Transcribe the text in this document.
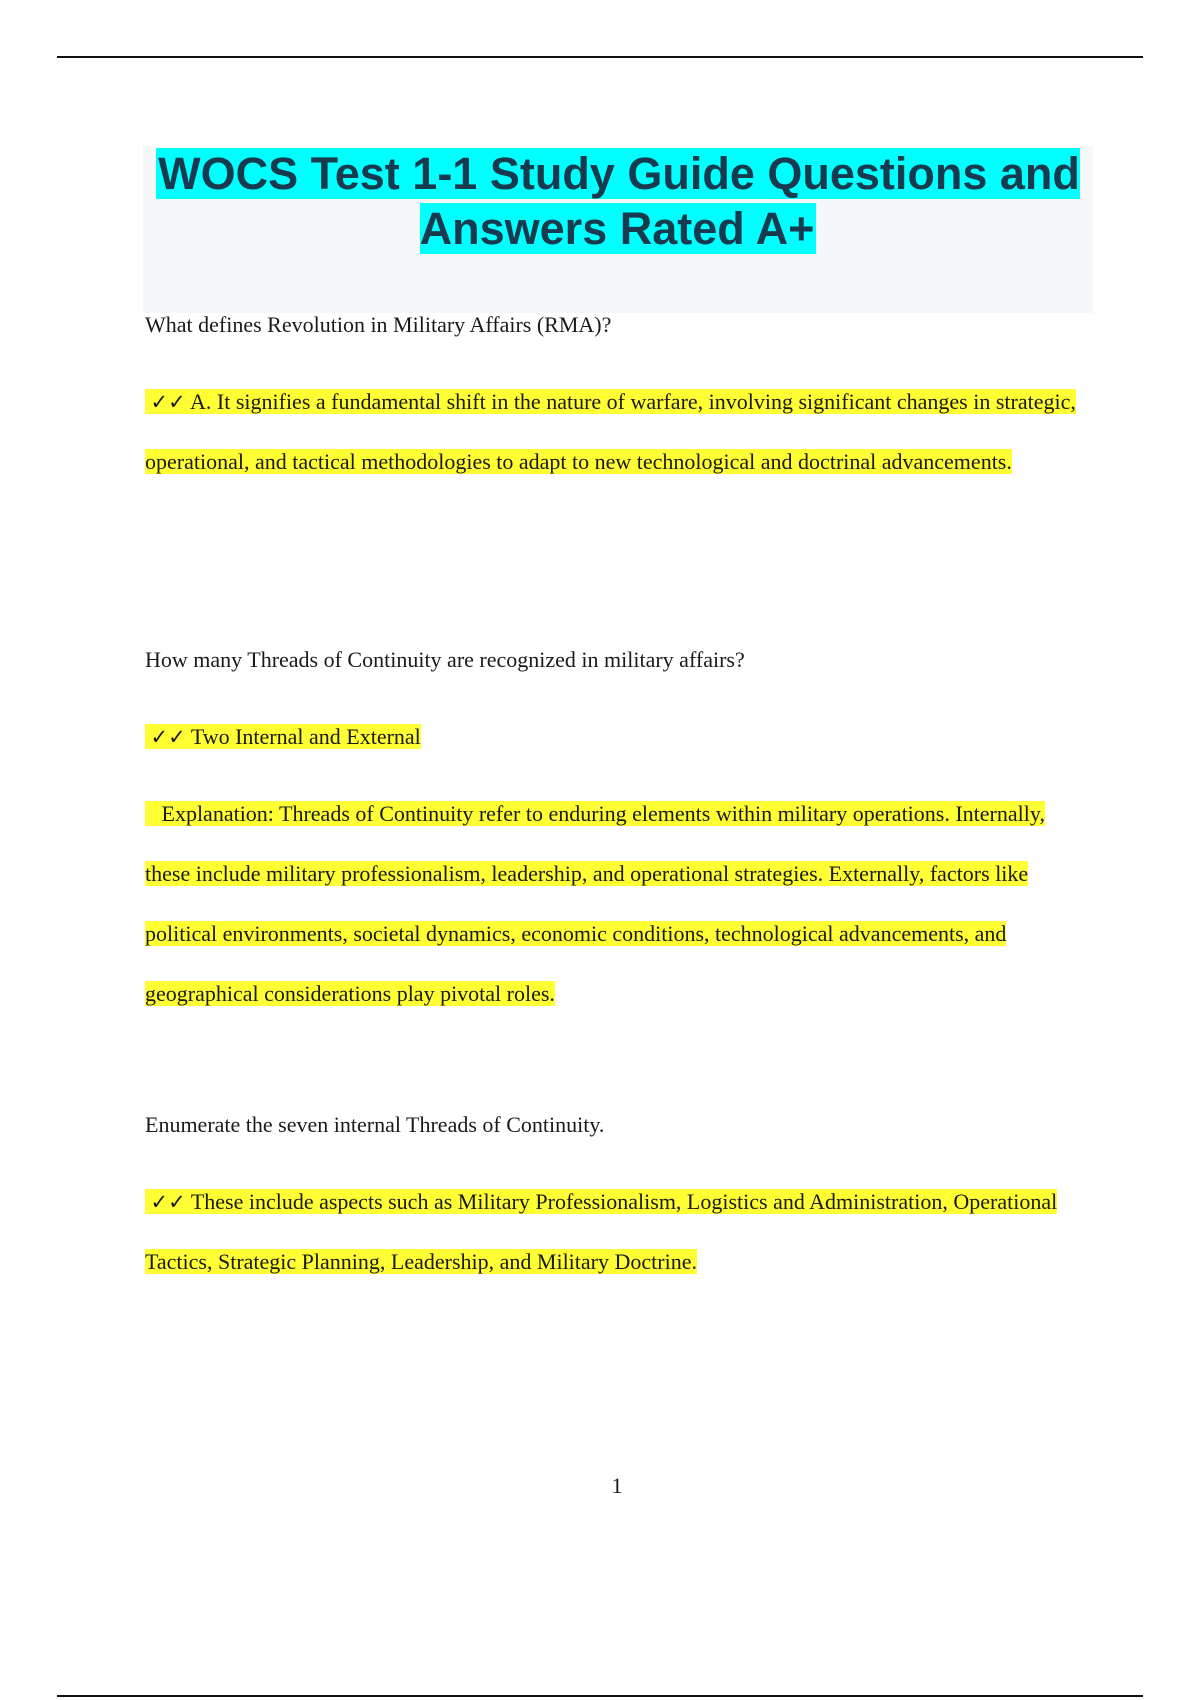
WOCS Test 1-1 Study Guide Questions and Answers Rated A+

What defines Revolution in Military Affairs (RMA)?

✓✓ A. It signifies a fundamental shift in the nature of warfare, involving significant changes in strategic, operational, and tactical methodologies to adapt to new technological and doctrinal advancements.

How many Threads of Continuity are recognized in military affairs?

✓✓ Two Internal and External

Explanation: Threads of Continuity refer to enduring elements within military operations. Internally, these include military professionalism, leadership, and operational strategies. Externally, factors like political environments, societal dynamics, economic conditions, technological advancements, and geographical considerations play pivotal roles.

Enumerate the seven internal Threads of Continuity.

✓✓ These include aspects such as Military Professionalism, Logistics and Administration, Operational Tactics, Strategic Planning, Leadership, and Military Doctrine.

1
